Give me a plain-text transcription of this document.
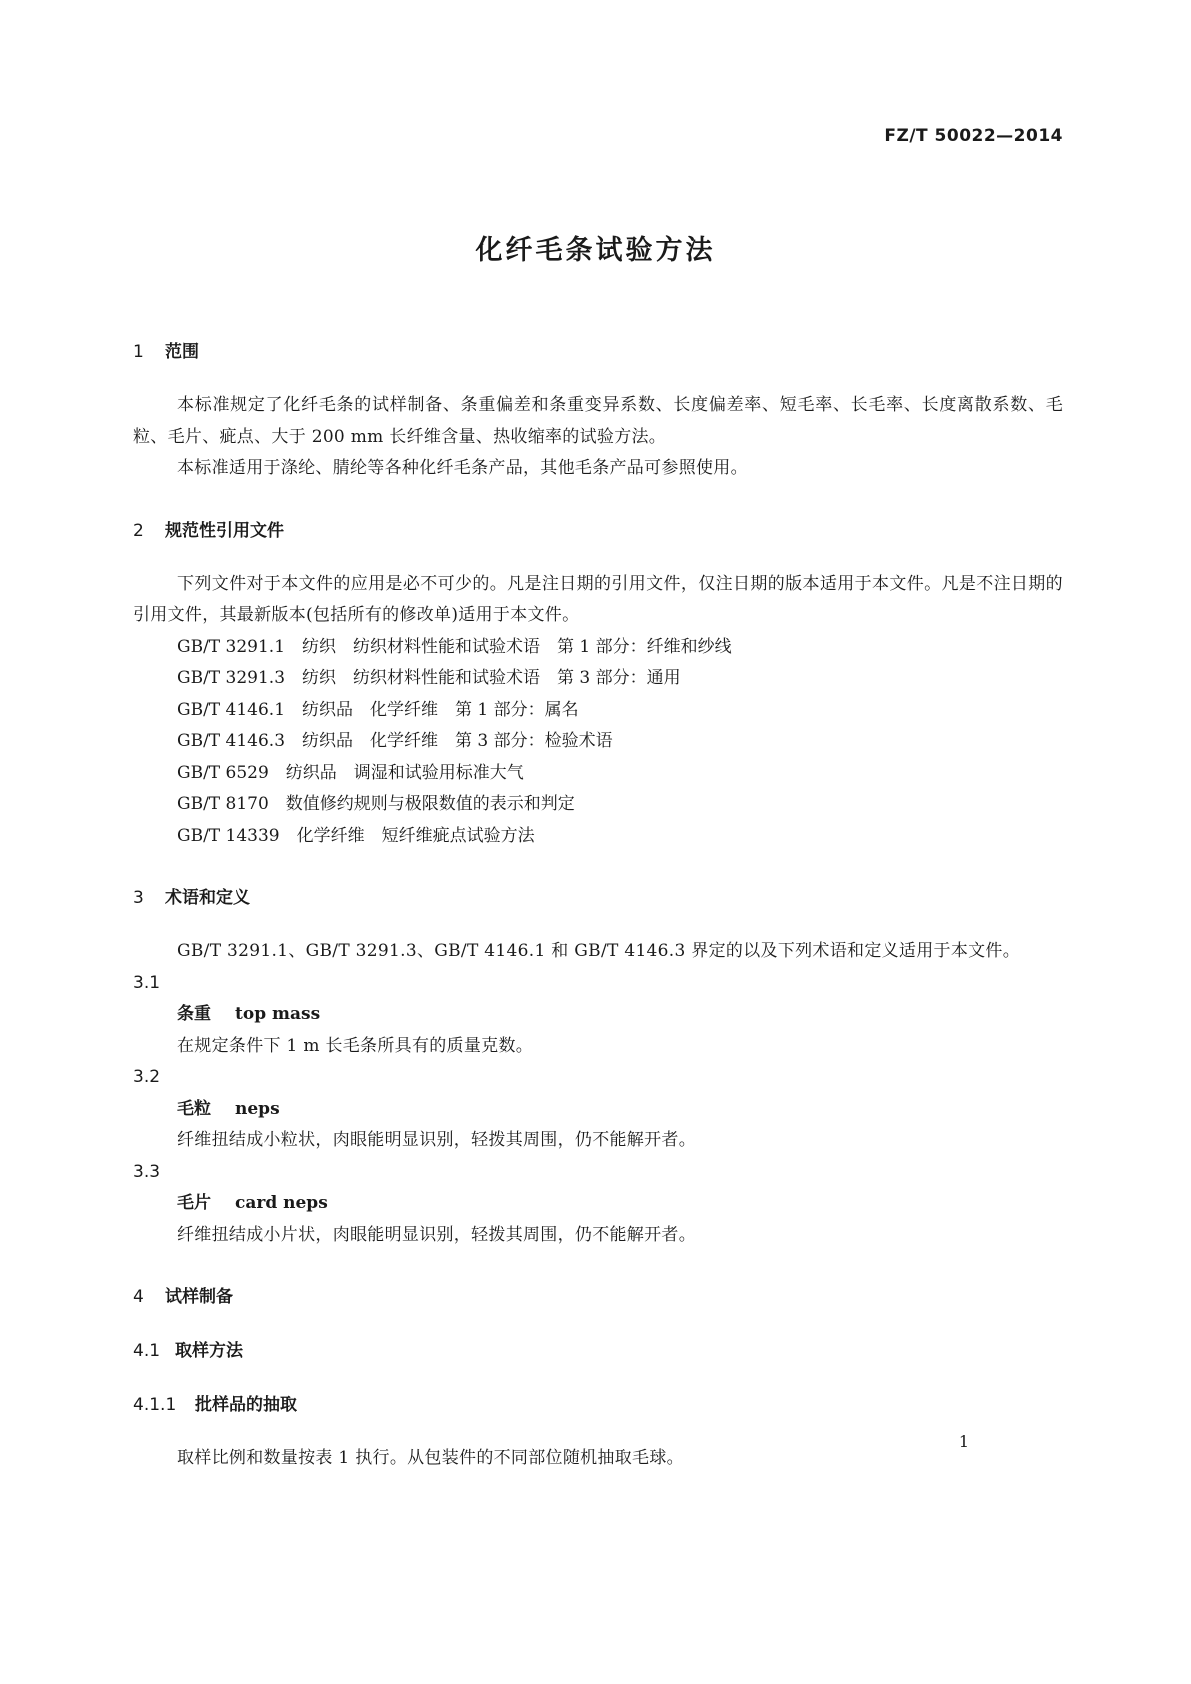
FZ/T 50022—2014
化纤毛条试验方法
1 范围
本标准规定了化纤毛条的试样制备、条重偏差和条重变异系数、长度偏差率、短毛率、长毛率、长度离散系数、毛粒、毛片、疵点、大于 200 mm 长纤维含量、热收缩率的试验方法。
本标准适用于涤纶、腈纶等各种化纤毛条产品，其他毛条产品可参照使用。
2 规范性引用文件
下列文件对于本文件的应用是必不可少的。凡是注日期的引用文件，仅注日期的版本适用于本文件。凡是不注日期的引用文件，其最新版本(包括所有的修改单)适用于本文件。
GB/T 3291.1　纺织　纺织材料性能和试验术语　第 1 部分：纤维和纱线
GB/T 3291.3　纺织　纺织材料性能和试验术语　第 3 部分：通用
GB/T 4146.1　纺织品　化学纤维　第 1 部分：属名
GB/T 4146.3　纺织品　化学纤维　第 3 部分：检验术语
GB/T 6529　纺织品　调湿和试验用标准大气
GB/T 8170　数值修约规则与极限数值的表示和判定
GB/T 14339　化学纤维　短纤维疵点试验方法
3 术语和定义
GB/T 3291.1、GB/T 3291.3、GB/T 4146.1 和 GB/T 4146.3 界定的以及下列术语和定义适用于本文件。
3.1
条重 top mass
在规定条件下 1 m 长毛条所具有的质量克数。
3.2
毛粒 neps
纤维扭结成小粒状，肉眼能明显识别，轻拨其周围，仍不能解开者。
3.3
毛片 card neps
纤维扭结成小片状，肉眼能明显识别，轻拨其周围，仍不能解开者。
4 试样制备
4.1 取样方法
4.1.1 批样品的抽取
取样比例和数量按表 1 执行。从包装件的不同部位随机抽取毛球。
1
